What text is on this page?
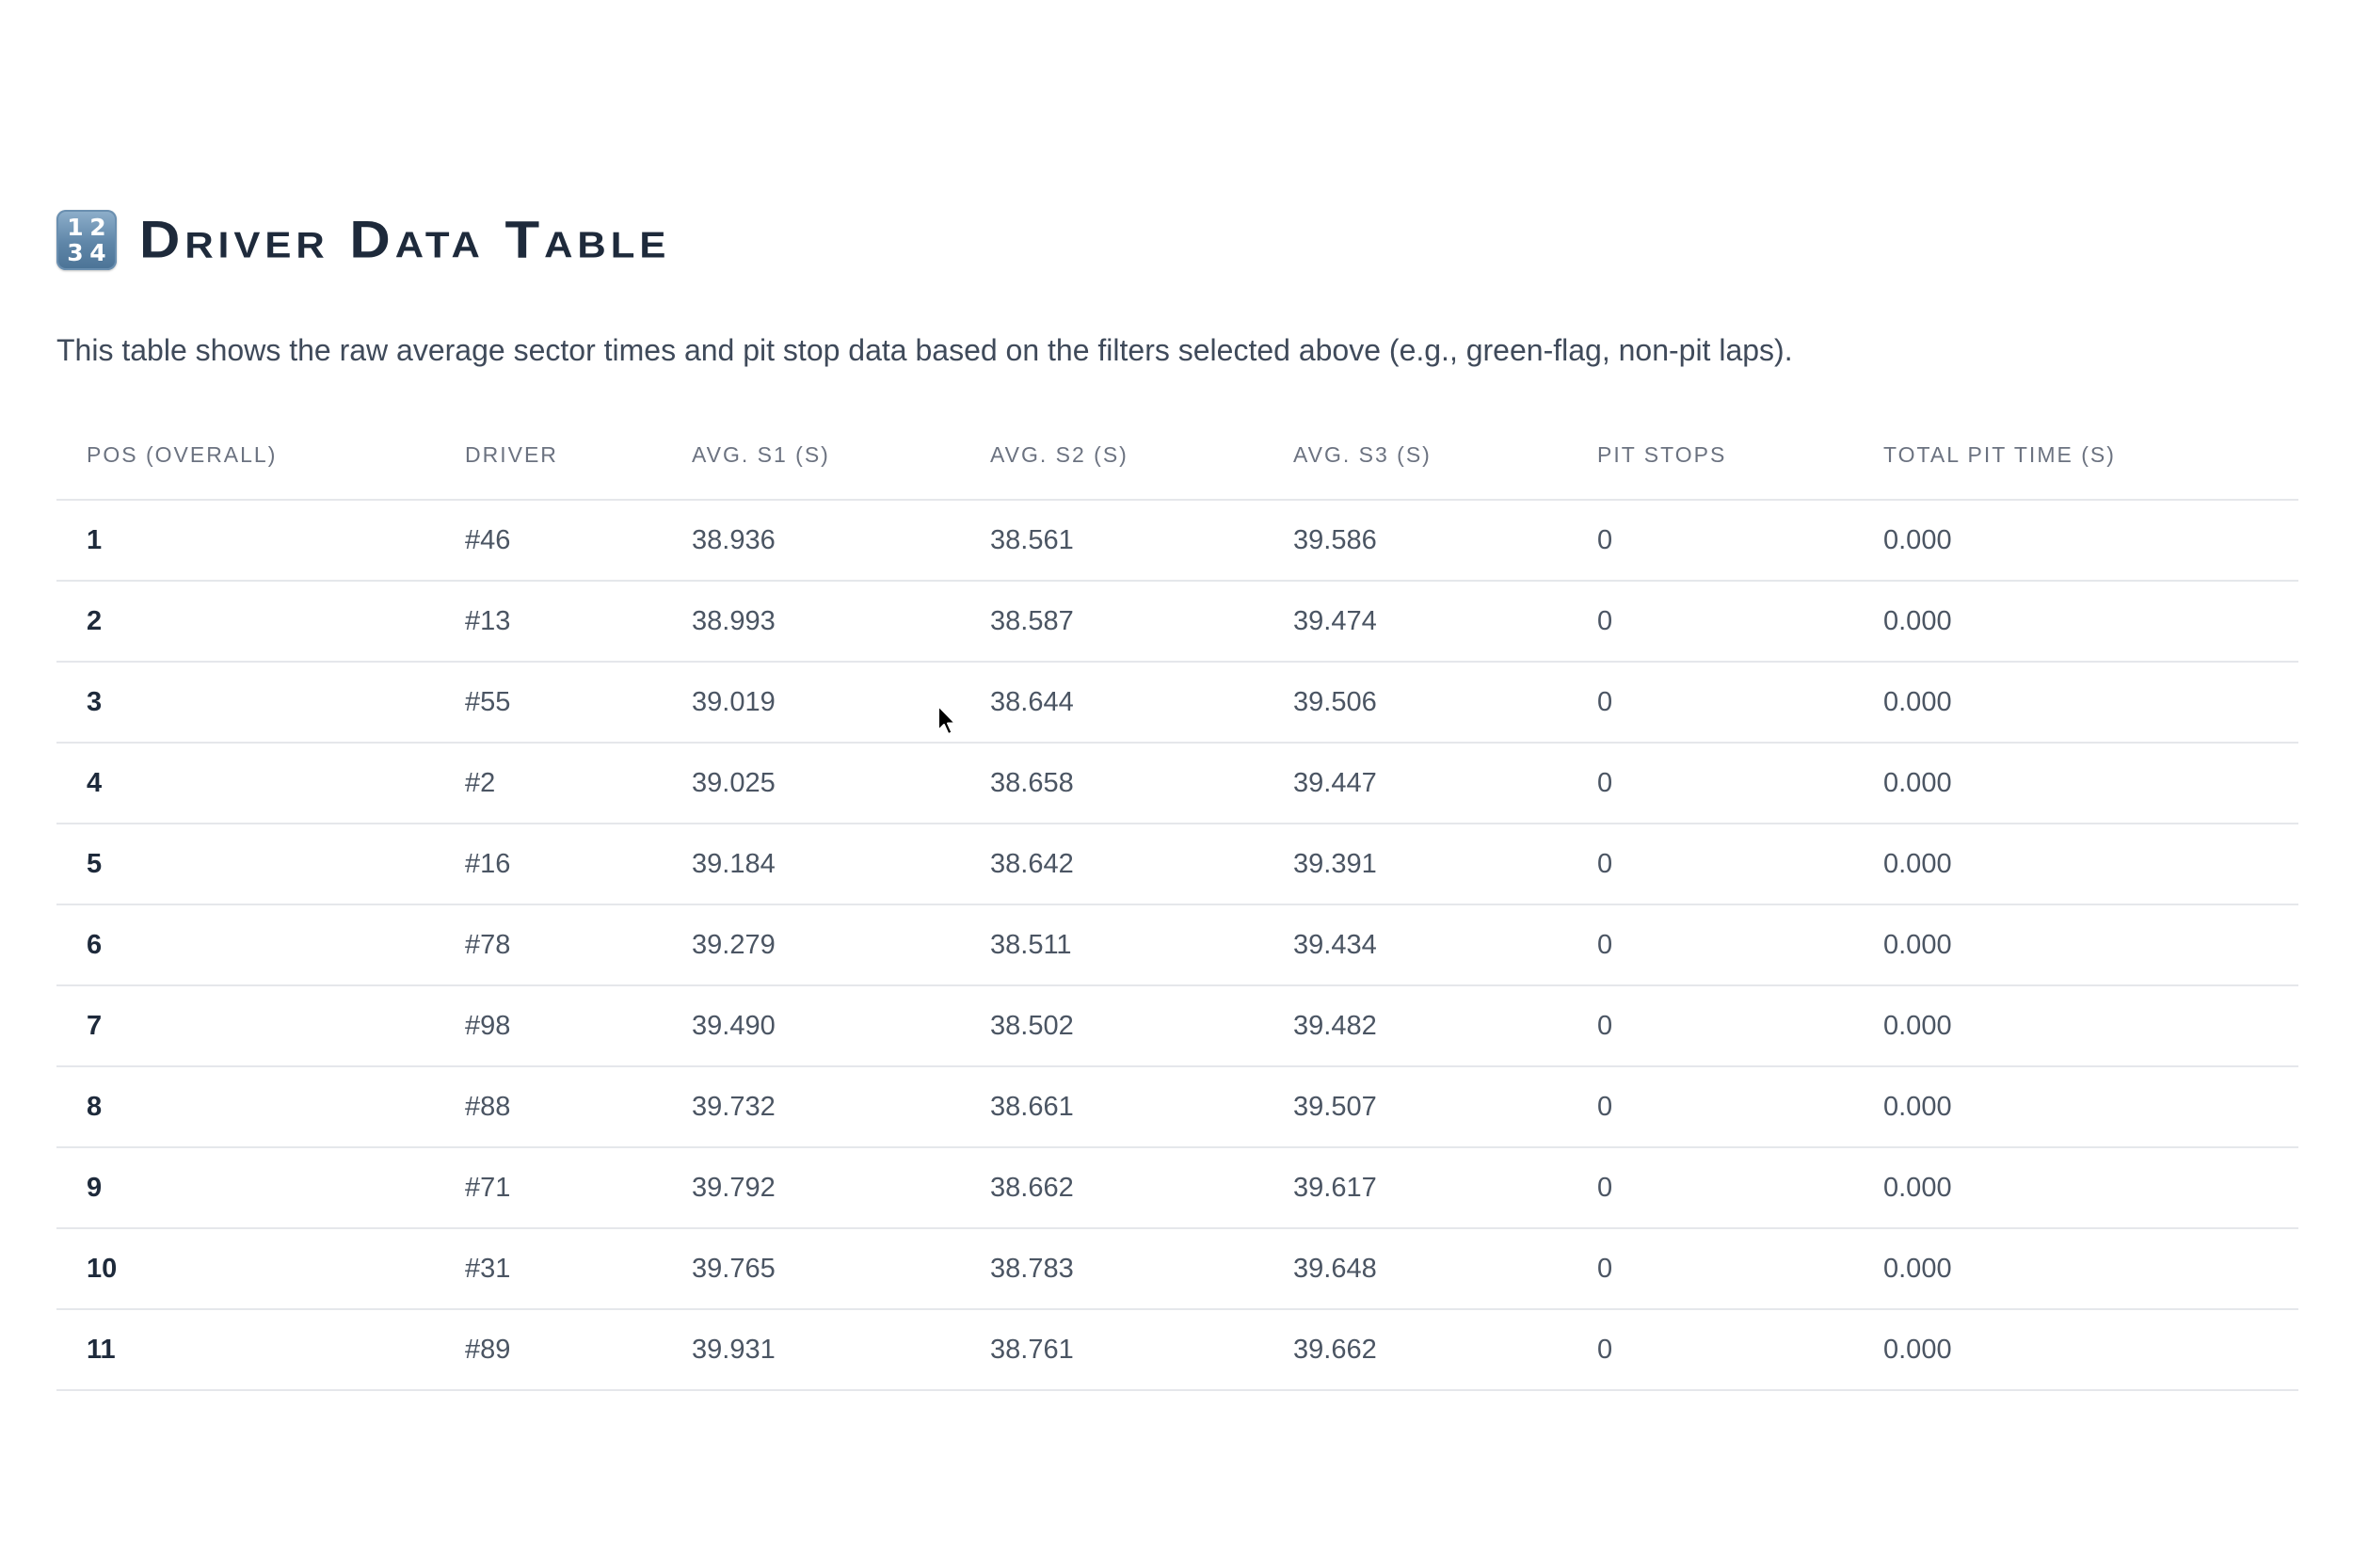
1 2
3 4 Driver Data Table

This table shows the raw average sector times and pit stop data based on the filters selected above (e.g., green-flag, non-pit laps).

POS (OVERALL)	DRIVER	AVG. S1 (S)	AVG. S2 (S)	AVG. S3 (S)	PIT STOPS	TOTAL PIT TIME (S)
1	#46	38.936	38.561	39.586	0	0.000
2	#13	38.993	38.587	39.474	0	0.000
3	#55	39.019	38.644	39.506	0	0.000
4	#2	39.025	38.658	39.447	0	0.000
5	#16	39.184	38.642	39.391	0	0.000
6	#78	39.279	38.511	39.434	0	0.000
7	#98	39.490	38.502	39.482	0	0.000
8	#88	39.732	38.661	39.507	0	0.000
9	#71	39.792	38.662	39.617	0	0.000
10	#31	39.765	38.783	39.648	0	0.000
11	#89	39.931	38.761	39.662	0	0.000
